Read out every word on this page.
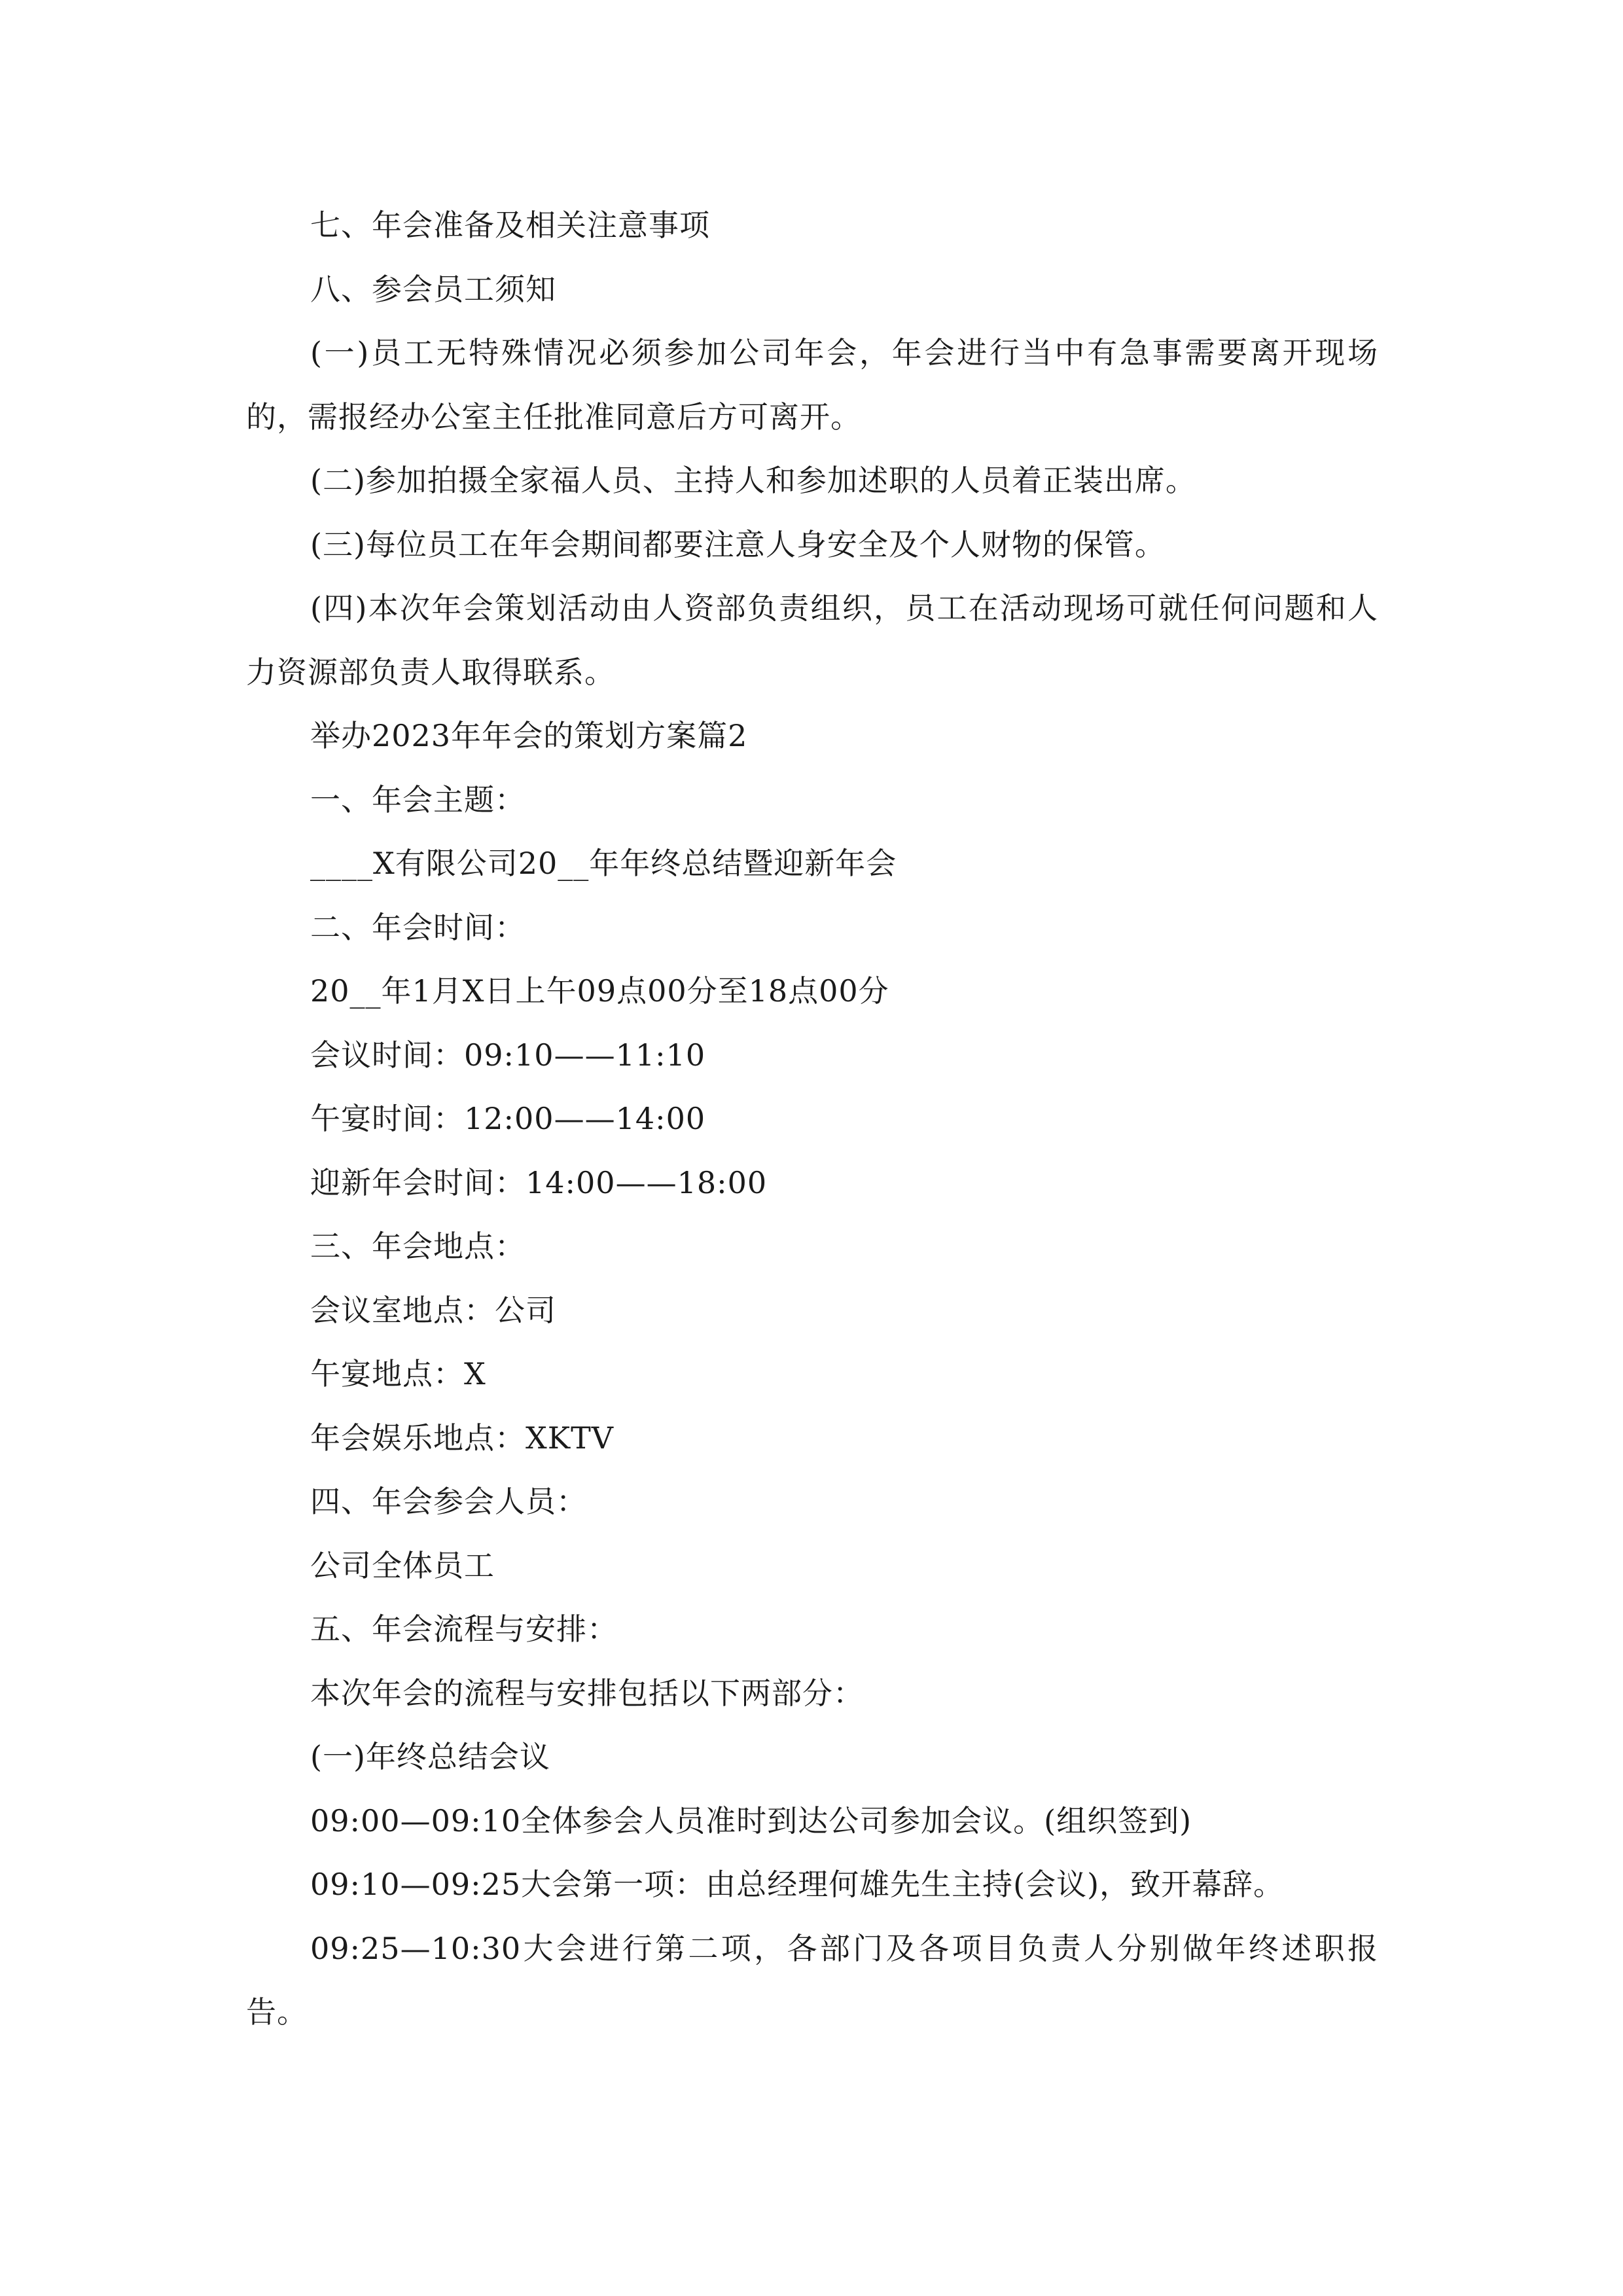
七、年会准备及相关注意事项

八、参会员工须知

(一)员工无特殊情况必须参加公司年会，年会进行当中有急事需要离开现场的，需报经办公室主任批准同意后方可离开。

(二)参加拍摄全家福人员、主持人和参加述职的人员着正装出席。

(三)每位员工在年会期间都要注意人身安全及个人财物的保管。

(四)本次年会策划活动由人资部负责组织，员工在活动现场可就任何问题和人力资源部负责人取得联系。

举办2023年年会的策划方案篇2

一、年会主题：

____X有限公司20__年年终总结暨迎新年会

二、年会时间：

20__年1月X日上午09点00分至18点00分

会议时间：09:10——11:10

午宴时间：12:00——14:00

迎新年会时间：14:00——18:00

三、年会地点：

会议室地点：公司

午宴地点：X

年会娱乐地点：XKTV

四、年会参会人员：

公司全体员工

五、年会流程与安排：

本次年会的流程与安排包括以下两部分：

(一)年终总结会议

09:00—09:10全体参会人员准时到达公司参加会议。(组织签到)

09:10—09:25大会第一项：由总经理何雄先生主持(会议)，致开幕辞。

09:25—10:30大会进行第二项，各部门及各项目负责人分别做年终述职报告。
